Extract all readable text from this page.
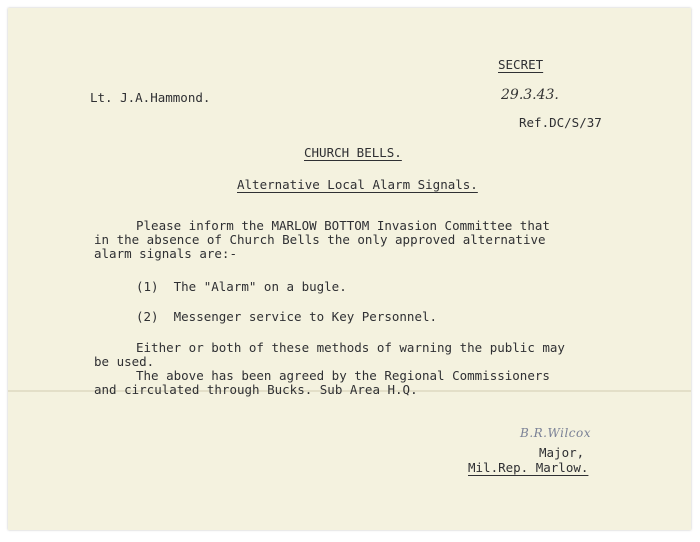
SECRET
Lt. J.A.Hammond.	29.3.43.
Ref.DC/S/37
CHURCH BELLS.
Alternative Local Alarm Signals.
Please inform the MARLOW BOTTOM Invasion Committee that
in the absence of Church Bells the only approved alternative
alarm signals are:-
(1)  The "Alarm" on a bugle.
(2)  Messenger service to Key Personnel.
Either or both of these methods of warning the public may
be used.
The above has been agreed by the Regional Commissioners
and circulated through Bucks. Sub Area H.Q.
B.R.Wilcox
Major,
Mil.Rep. Marlow.
